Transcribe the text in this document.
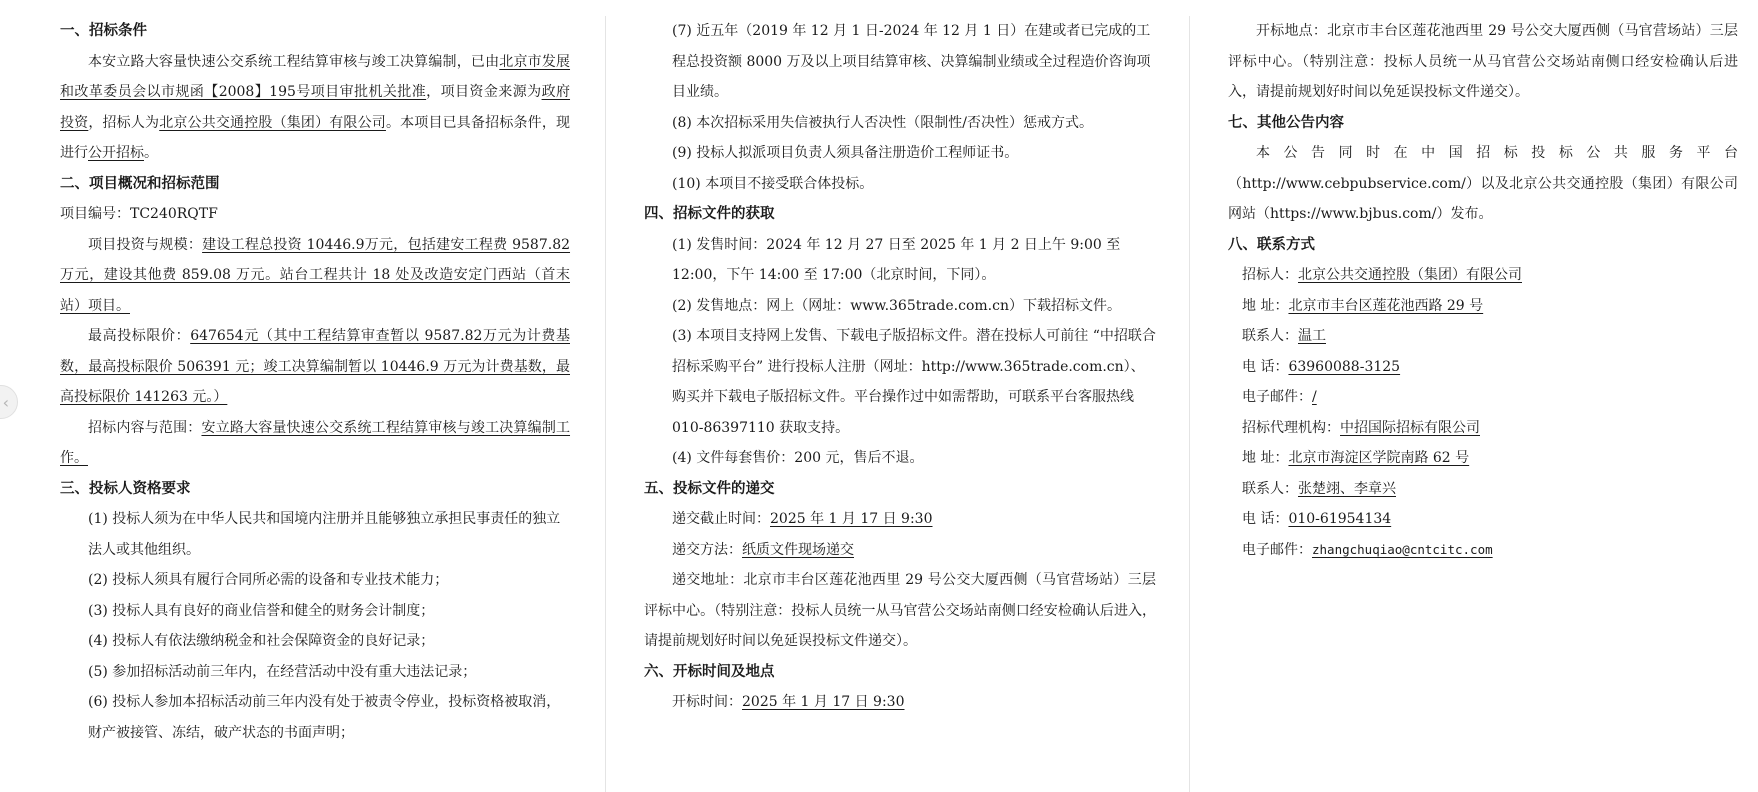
‹
一、招标条件
本安立路大容量快速公交系统工程结算审核与竣工决算编制，已由北京市发展和改革委员会以市规函【2008】195号项目审批机关批准，项目资金来源为政府投资，招标人为北京公共交通控股（集团）有限公司。本项目已具备招标条件，现进行公开招标。
二、项目概况和招标范围
项目编号：TC240RQTF
项目投资与规模：建设工程总投资 10446.9万元，包括建安工程费 9587.82 万元，建设其他费 859.08 万元。站台工程共计 18 处及改造安定门西站（首末站）项目。
最高投标限价：647654元（其中工程结算审查暂以 9587.82万元为计费基数，最高投标限价 506391 元；竣工决算编制暂以 10446.9 万元为计费基数，最高投标限价 141263 元。）
招标内容与范围：安立路大容量快速公交系统工程结算审核与竣工决算编制工作。
三、投标人资格要求
(1) 投标人须为在中华人民共和国境内注册并且能够独立承担民事责任的独立法人或其他组织。
(2) 投标人须具有履行合同所必需的设备和专业技术能力；
(3) 投标人具有良好的商业信誉和健全的财务会计制度；
(4) 投标人有依法缴纳税金和社会保障资金的良好记录；
(5) 参加招标活动前三年内，在经营活动中没有重大违法记录；
(6) 投标人参加本招标活动前三年内没有处于被责令停业，投标资格被取消，财产被接管、冻结，破产状态的书面声明；
(7) 近五年（2019 年 12 月 1 日-2024 年 12 月 1 日）在建或者已完成的工程总投资额 8000 万及以上项目结算审核、决算编制业绩或全过程造价咨询项目业绩。
(8) 本次招标采用失信被执行人否决性（限制性/否决性）惩戒方式。
(9) 投标人拟派项目负责人须具备注册造价工程师证书。
(10) 本项目不接受联合体投标。
四、招标文件的获取
(1) 发售时间：2024 年 12 月 27 日至 2025 年 1 月 2 日上午 9:00 至 12:00，下午 14:00 至 17:00（北京时间，下同）。
(2) 发售地点：网上（网址：www.365trade.com.cn）下载招标文件。
(3) 本项目支持网上发售、下载电子版招标文件。潜在投标人可前往 “中招联合招标采购平台” 进行投标人注册（网址：http://www.365trade.com.cn）、购买并下载电子版招标文件。平台操作过中如需帮助，可联系平台客服热线 010-86397110 获取支持。
(4) 文件每套售价：200 元，售后不退。
五、投标文件的递交
递交截止时间：2025 年 1 月 17 日 9:30
递交方法：纸质文件现场递交
递交地址：北京市丰台区莲花池西里 29 号公交大厦西侧（马官营场站）三层评标中心。（特别注意：投标人员统一从马官营公交场站南侧口经安检确认后进入，请提前规划好时间以免延误投标文件递交）。
六、开标时间及地点
开标时间：2025 年 1 月 17 日 9:30
开标地点：北京市丰台区莲花池西里 29 号公交大厦西侧（马官营场站）三层评标中心。（特别注意：投标人员统一从马官营公交场站南侧口经安检确认后进入，请提前规划好时间以免延误投标文件递交）。
七、其他公告内容
本公告同时在中国招标投标公共服务平台（http://www.cebpubservice.com/）以及北京公共交通控股（集团）有限公司网站（https://www.bjbus.com/）发布。
八、联系方式
招标人：北京公共交通控股（集团）有限公司
地 址：北京市丰台区莲花池西路 29 号
联系人：温工
电 话：63960088-3125
电子邮件：/
招标代理机构：中招国际招标有限公司
地 址：北京市海淀区学院南路 62 号
联系人：张楚翊、李章兴
电 话：010-61954134
电子邮件：zhangchuqiao@cntcitc.com
